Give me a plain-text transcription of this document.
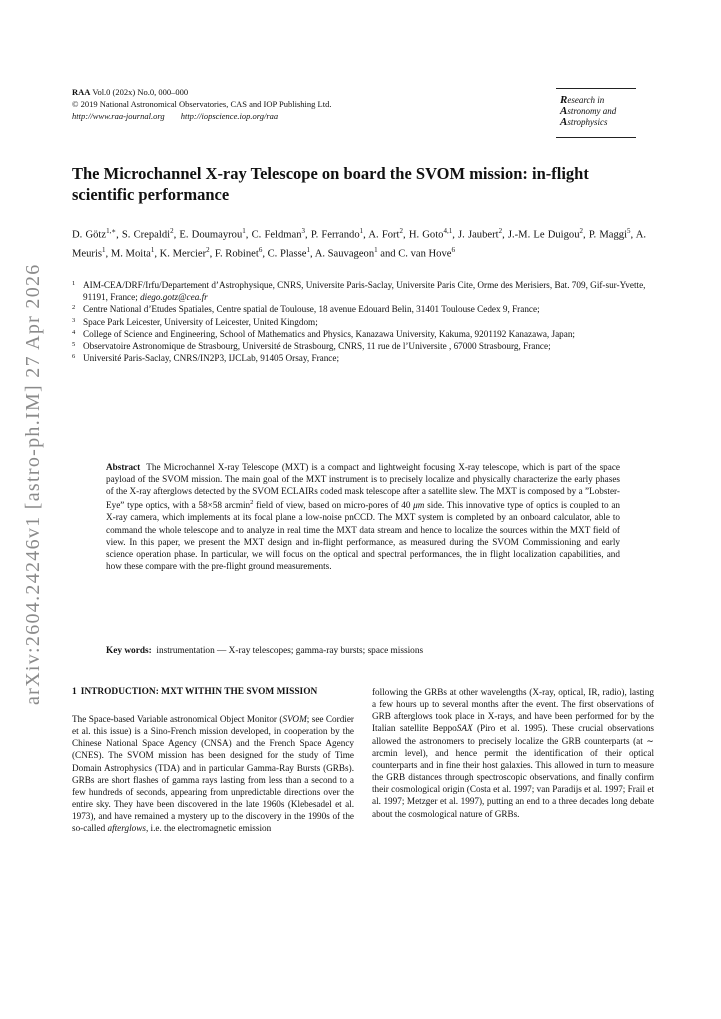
arXiv:2604.24246v1 [astro-ph.IM] 27 Apr 2026
RAA Vol.0 (202x) No.0, 000–000
© 2019 National Astronomical Observatories, CAS and IOP Publishing Ltd.
http://www.raa-journal.org http://iopscience.iop.org/raa
Research in
Astronomy and
Astrophysics
The Microchannel X-ray Telescope on board the SVOM mission: in-flight scientific performance
D. Götz$^{1,∗}$, S. Crepaldi$^2$, E. Doumayrou$^1$, C. Feldman$^3$, P. Ferrando$^1$, A. Fort$^2$, H. Goto$^{4,1}$, J. Jaubert$^2$, J.-M. Le Duigou$^2$, P. Maggi$^5$, A. Meuris$^1$, M. Moita$^1$, K. Mercier$^2$, F. Robinet$^6$, C. Plasse$^1$, A. Sauvageon$^1$ and C. van Hove$^6$
1 AIM-CEA/DRF/Irfu/Departement d’Astrophysique, CNRS, Universite Paris-Saclay, Universite Paris Cite, Orme des Merisiers, Bat. 709, Gif-sur-Yvette, 91191, France; diego.gotz@cea.fr
2 Centre National d’Etudes Spatiales, Centre spatial de Toulouse, 18 avenue Edouard Belin, 31401 Toulouse Cedex 9, France;
3 Space Park Leicester, University of Leicester, United Kingdom;
4 College of Science and Engineering, School of Mathematics and Physics, Kanazawa University, Kakuma, 9201192 Kanazawa, Japan;
5 Observatoire Astronomique de Strasbourg, Université de Strasbourg, CNRS, 11 rue de l’Universite , 67000 Strasbourg, France;
6 Université Paris-Saclay, CNRS/IN2P3, IJCLab, 91405 Orsay, France;
Abstract The Microchannel X-ray Telescope (MXT) is a compact and lightweight focusing X-ray telescope, which is part of the space payload of the SVOM mission. The main goal of the MXT instrument is to precisely localize and physically characterize the early phases of the X-ray afterglows detected by the SVOM ECLAIRs coded mask telescope after a satellite slew. The MXT is composed by a ”Lobster-Eye” type optics, with a 58×58 arcmin$^2$ field of view, based on micro-pores of 40 μm side. This innovative type of optics is coupled to an X-ray camera, which implements at its focal plane a low-noise pnCCD. The MXT system is completed by an onboard calculator, able to command the whole telescope and to analyze in real time the MXT data stream and hence to localize the sources within the MXT field of view. In this paper, we present the MXT design and in-flight performance, as measured during the SVOM Commissioning and early science operation phase. In particular, we will focus on the optical and spectral performances, the in flight localization capabilities, and how these compare with the pre-flight ground measurements.
Key words: instrumentation — X-ray telescopes; gamma-ray bursts; space missions
1 INTRODUCTION: MXT WITHIN THE SVOM MISSION

The Space-based Variable astronomical Object Monitor (SVOM; see Cordier et al. this issue) is a Sino-French mission developed, in cooperation by the Chinese National Space Agency (CNSA) and the French Space Agency (CNES). The SVOM mission has been designed for the study of Time Domain Astrophysics (TDA) and in particular Gamma-Ray Bursts (GRBs). GRBs are short flashes of gamma rays lasting from less than a second to a few hundreds of seconds, appearing from unpredictable directions over the entire sky. They have been discovered in the late 1960s (Klebesadel et al. 1973), and have remained a mystery up to the discovery in the 1990s of the so-called afterglows, i.e. the electromagnetic emission

following the GRBs at other wavelengths (X-ray, optical, IR, radio), lasting a few hours up to several months after the event. The first observations of GRB afterglows took place in X-rays, and have been performed for by the Italian satellite BeppoSAX (Piro et al. 1995). These crucial observations allowed the astronomers to precisely localize the GRB counterparts (at ∼ arcmin level), and hence permit the identification of their optical counterparts and in fine their host galaxies. This allowed in turn to measure the GRB distances through spectroscopic observations, and finally confirm their cosmological origin (Costa et al. 1997; van Paradijs et al. 1997; Frail et al. 1997; Metzger et al. 1997), putting an end to a three decades long debate about the cosmological nature of GRBs.
